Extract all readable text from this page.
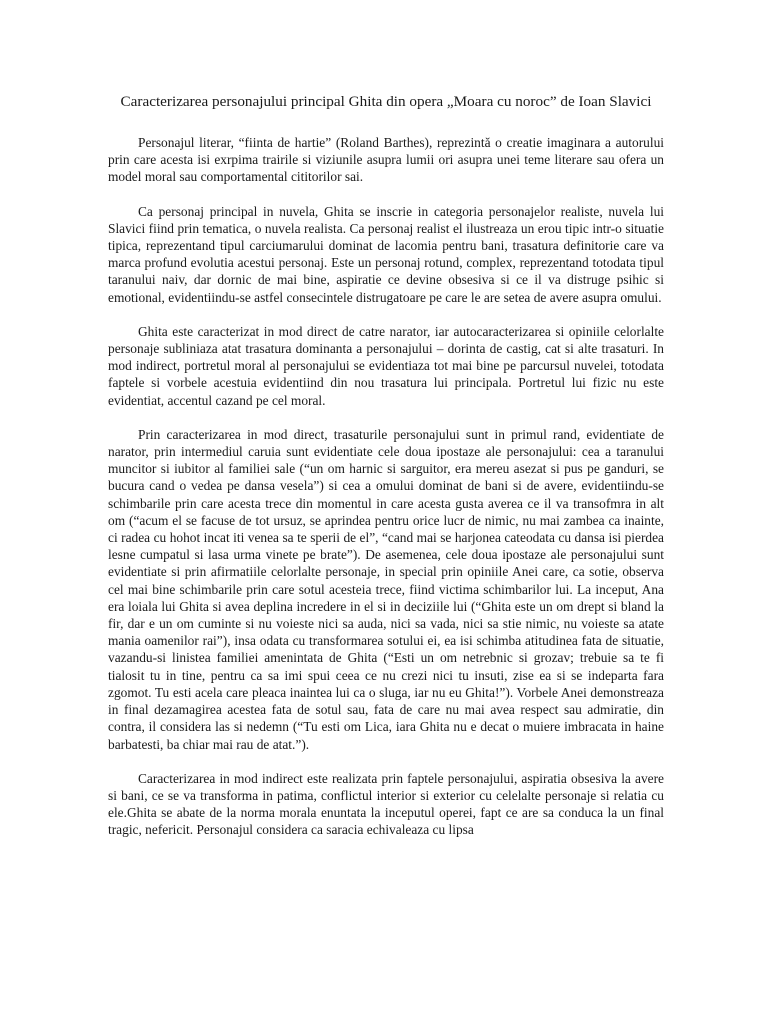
Caracterizarea personajului principal Ghita din opera „Moara cu noroc” de Ioan Slavici

Personajul literar, “fiinta de hartie” (Roland Barthes), reprezintă o creatie imaginara a autorului prin care acesta isi exrpima trairile si viziunile asupra lumii ori asupra unei teme literare sau ofera un model moral sau comportamental cititorilor sai.

Ca personaj principal in nuvela, Ghita se inscrie in categoria personajelor realiste, nuvela lui Slavici fiind prin tematica, o nuvela realista. Ca personaj realist el ilustreaza un erou tipic intr-o situatie tipica, reprezentand tipul carciumarului dominat de lacomia pentru bani, trasatura definitorie care va marca profund evolutia acestui personaj. Este un personaj rotund, complex, reprezentand totodata tipul taranului naiv, dar dornic de mai bine, aspiratie ce devine obsesiva si ce il va distruge psihic si emotional, evidentiindu-se astfel consecintele distrugatoare pe care le are setea de avere asupra omului.

Ghita este caracterizat in mod direct de catre narator, iar autocaracterizarea si opiniile celorlalte personaje subliniaza atat trasatura dominanta a personajului – dorinta de castig, cat si alte trasaturi. In mod indirect, portretul moral al personajului se evidentiaza tot mai bine pe parcursul nuvelei, totodata faptele si vorbele acestuia evidentiind din nou trasatura lui principala. Portretul lui fizic nu este evidentiat, accentul cazand pe cel moral.

Prin caracterizarea in mod direct, trasaturile personajului sunt in primul rand, evidentiate de narator, prin intermediul caruia sunt evidentiate cele doua ipostaze ale personajului: cea a taranului muncitor si iubitor al familiei sale (“un om harnic si sarguitor, era mereu asezat si pus pe ganduri, se bucura cand o vedea pe dansa vesela”) si cea a omului dominat de bani si de avere, evidentiindu-se schimbarile prin care acesta trece din momentul in care acesta gusta averea ce il va transofmra in alt om (“acum el se facuse de tot ursuz, se aprindea pentru orice lucr de nimic, nu mai zambea ca inainte, ci radea cu hohot incat iti venea sa te sperii de el”, “cand mai se harjonea cateodata cu dansa isi pierdea lesne cumpatul si lasa urma vinete pe brate”). De asemenea, cele doua ipostaze ale personajului sunt evidentiate si prin afirmatiile celorlalte personaje, in special prin opiniile Anei care, ca sotie, observa cel mai bine schimbarile prin care sotul acesteia trece, fiind victima schimbarilor lui. La inceput, Ana era loiala lui Ghita si avea deplina incredere in el si in deciziile lui (“Ghita este un om drept si bland la fir, dar e un om cuminte si nu voieste nici sa auda, nici sa vada, nici sa stie nimic, nu voieste sa atate mania oamenilor rai”), insa odata cu transformarea sotului ei, ea isi schimba atitudinea fata de situatie, vazandu-si linistea familiei amenintata de Ghita (“Esti un om netrebnic si grozav; trebuie sa te fi tialosit tu in tine, pentru ca sa imi spui ceea ce nu crezi nici tu insuti, zise ea si se indeparta fara zgomot. Tu esti acela care pleaca inaintea lui ca o sluga, iar nu eu Ghita!”). Vorbele Anei demonstreaza in final dezamagirea acestea fata de sotul sau, fata de care nu mai avea respect sau admiratie, din contra, il considera las si nedemn (“Tu esti om Lica, iara Ghita nu e decat o muiere imbracata in haine barbatesti, ba chiar mai rau de atat.”).

Caracterizarea in mod indirect este realizata prin faptele personajului, aspiratia obsesiva la avere si bani, ce se va transforma in patima, conflictul interior si exterior cu celelalte personaje si relatia cu ele.Ghita se abate de la norma morala enuntata la inceputul operei, fapt ce are sa conduca la un final tragic, nefericit. Personajul considera ca saracia echivaleaza cu lipsa
